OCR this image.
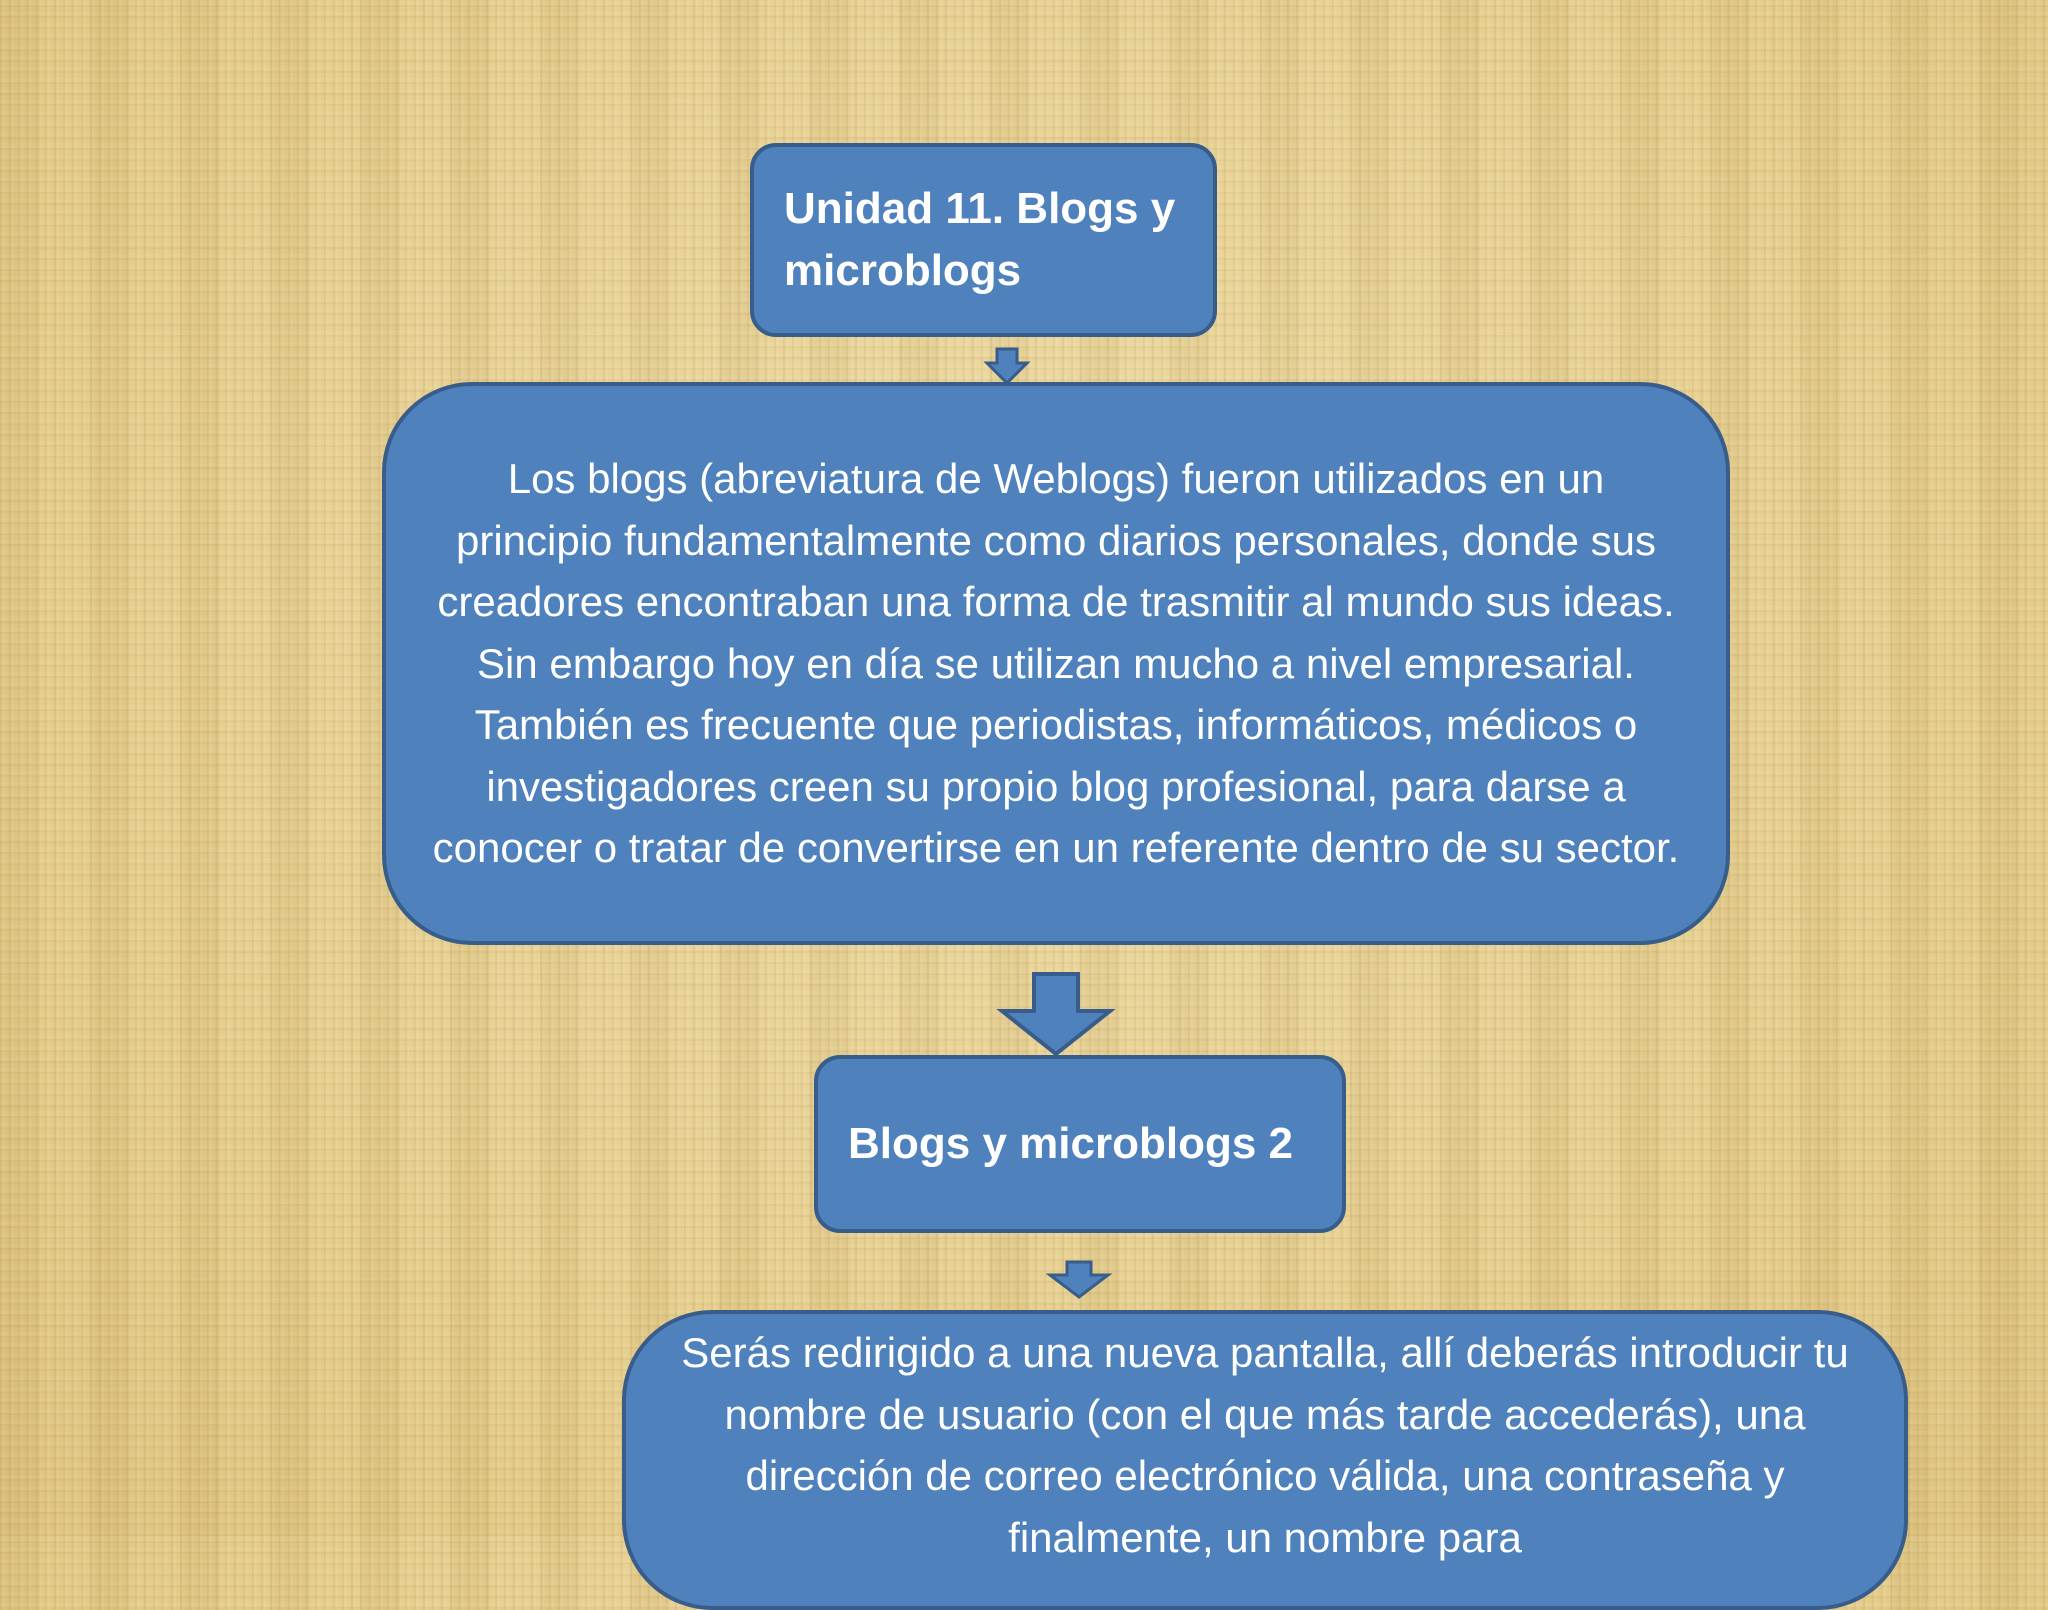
Unidad 11. Blogs y microblogs
Los blogs (abreviatura de Weblogs) fueron utilizados en un principio fundamentalmente como diarios personales, donde sus creadores encontraban una forma de trasmitir al mundo sus ideas. Sin embargo hoy en día se utilizan mucho a nivel empresarial. También es frecuente que periodistas, informáticos, médicos o investigadores creen su propio blog profesional, para darse a conocer o tratar de convertirse en un referente dentro de su sector.
Blogs y microblogs 2
Serás redirigido a una nueva pantalla, allí deberás introducir tu nombre de usuario (con el que más tarde accederás), una dirección de correo electrónico válida, una contraseña y finalmente, un nombre para
